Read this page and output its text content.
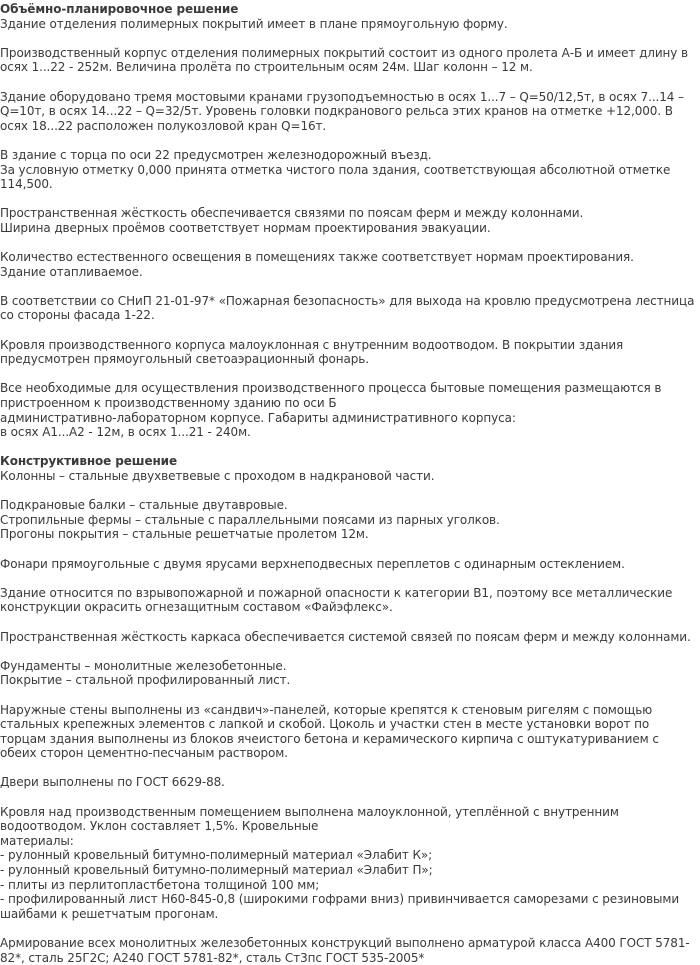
Объёмно-планировочное решение

Здание отделения полимерных покрытий имеет в плане прямоугольную форму.

Производственный корпус отделения полимерных покрытий состоит из одного пролета А-Б и имеет длину в осях 1...22 - 252м. Величина пролёта по строительным осям 24м. Шаг колонн – 12 м.

Здание оборудовано тремя мостовыми кранами грузоподъемностью в осях 1...7 – Q=50/12,5т, в осях 7...14 – Q=10т, в осях 14...22 – Q=32/5т. Уровень головки подкранового рельса этих кранов на отметке +12,000. В осях 18...22 расположен полукозловой кран Q=16т.

В здание с торца по оси 22 предусмотрен железнодорожный въезд.

За условную отметку 0,000 принята отметка чистого пола здания, соответствующая абсолютной отметке 114,500.

Пространственная жёсткость обеспечивается связями по поясам ферм и между колоннами.

Ширина дверных проёмов соответствует нормам проектирования эвакуации.

Количество естественного освещения в помещениях также соответствует нормам проектирования.

Здание отапливаемое.

В соответствии со СНиП 21-01-97* «Пожарная безопасность» для выхода на кровлю предусмотрена лестница со стороны фасада 1-22.

Кровля производственного корпуса малоуклонная с внутренним водоотводом. В покрытии здания предусмотрен прямоугольный светоаэрационный фонарь.

Все необходимые для осуществления производственного процесса бытовые помещения размещаются в пристроенном к производственному зданию по оси Б

административно-лабораторном корпусе. Габариты административного корпуса:

в осях А1...А2 - 12м, в осях 1...21 - 240м.

Конструктивное решение

Колонны – стальные двухветвевые с проходом в надкрановой части.

Подкрановые балки – стальные двутавровые.

Стропильные фермы – стальные с параллельными поясами из парных уголков.

Прогоны покрытия – стальные решетчатые пролетом 12м.

Фонари прямоугольные с двумя ярусами верхнеподвесных переплетов с одинарным остеклением.

Здание относится по взрывопожарной и пожарной опасности к категории В1, поэтому все металлические конструкции окрасить огнезащитным составом «Файэфлекс».

Пространственная жёсткость каркаса обеспечивается системой связей по поясам ферм и между колоннами.

Фундаменты – монолитные железобетонные.

Покрытие – стальной профилированный лист.

Наружные стены выполнены из «сандвич»-панелей, которые крепятся к стеновым ригелям с помощью стальных крепежных элементов с лапкой и скобой. Цоколь и участки стен в месте установки ворот по торцам здания выполнены из блоков ячеистого бетона и керамического кирпича с оштукатуриванием с обеих сторон цементно-песчаным раствором.

Двери выполнены по ГОСТ 6629-88.

Кровля над производственным помещением выполнена малоуклонной, утеплённой с внутренним водоотводом. Уклон составляет 1,5%. Кровельные

материалы:

- рулонный кровельный битумно-полимерный материал «Элабит К»;

- рулонный кровельный битумно-полимерный материал «Элабит П»;

- плиты из перлитопластбетона толщиной 100 мм;

- профилированный лист Н60-845-0,8 (широкими гофрами вниз) привинчивается саморезами с резиновыми шайбами к решетчатым прогонам.

Армирование всех монолитных железобетонных конструкций выполнено арматурой класса А400 ГОСТ 5781-82*, сталь 25Г2С; А240 ГОСТ 5781-82*, сталь Ст3пс ГОСТ 535-2005*
